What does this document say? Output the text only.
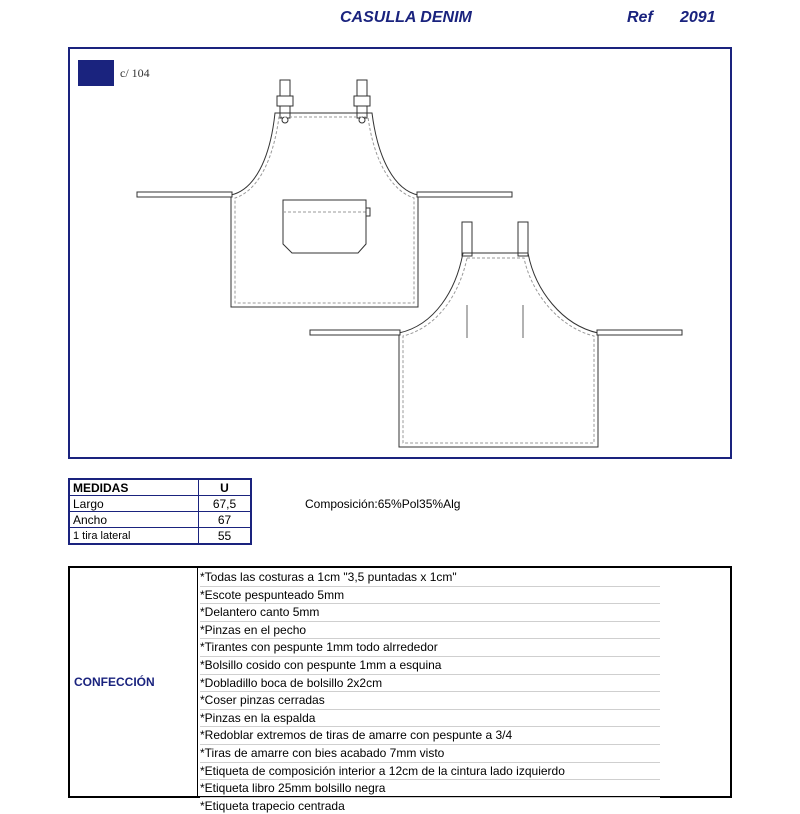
CASULLA DENIM	Ref 2091
c/ 104
MEDIDAS	U
Largo	67,5
Ancho	67
1 tira lateral	55
Composición:65%Pol35%Alg
CONFECCIÓN
*Todas las costuras a 1cm "3,5 puntadas x 1cm"
*Escote pespunteado 5mm
*Delantero canto 5mm
*Pinzas en el pecho
*Tirantes con pespunte 1mm todo alrrededor
*Bolsillo cosido con pespunte 1mm a esquina
*Dobladillo boca de bolsillo 2x2cm
*Coser pinzas cerradas
*Pinzas en la espalda
*Redoblar extremos de tiras de amarre con pespunte a 3/4
*Tiras de amarre con bies acabado 7mm visto
*Etiqueta de composición interior a 12cm de la cintura lado izquierdo
*Etiqueta libro 25mm bolsillo negra
*Etiqueta trapecio centrada
